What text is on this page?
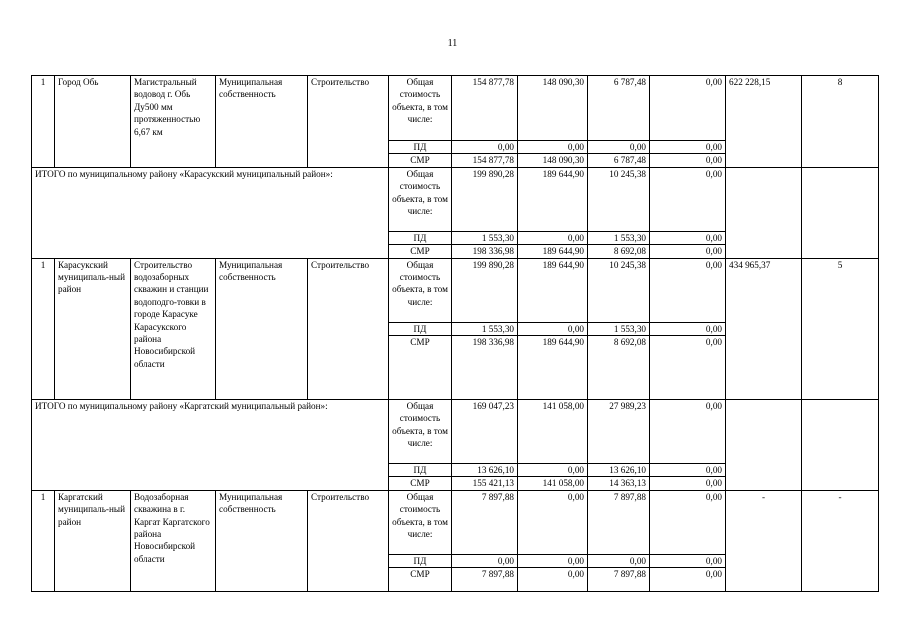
11
1	Город Обь	Магистральный водовод г. Обь Ду500 мм протяженностью 6,67 км	Муниципальная собственность	Строительство	Общая стоимость объекта, в том числе:	154 877,78	148 090,30	6 787,48	0,00	622 228,15	8
					ПД	0,00	0,00	0,00	0,00		
					СМР	154 877,78	148 090,30	6 787,48	0,00		
ИТОГО по муниципальному району «Карасукский муниципальный район»:					Общая стоимость объекта, в том числе:	199 890,28	189 644,90	10 245,38	0,00		
					ПД	1 553,30	0,00	1 553,30	0,00		
					СМР	198 336,98	189 644,90	8 692,08	0,00		
1	Карасукский муниципаль-ный район	Строительство водозаборных скважин и станции водоподго-товки в городе Карасуке Карасукского района Новосибирской области	Муниципальная собственность	Строительство	Общая стоимость объекта, в том числе:	199 890,28	189 644,90	10 245,38	0,00	434 965,37	5
					ПД	1 553,30	0,00	1 553,30	0,00		
					СМР	198 336,98	189 644,90	8 692,08	0,00		
ИТОГО по муниципальному району «Каргатский муниципальный район»:					Общая стоимость объекта, в том числе:	169 047,23	141 058,00	27 989,23	0,00		
					ПД	13 626,10	0,00	13 626,10	0,00		
					СМР	155 421,13	141 058,00	14 363,13	0,00		
1	Каргатский муниципаль-ный район	Водозаборная скважина в г. Каргат Каргатского района Новосибирской области	Муниципальная собственность	Строительство	Общая стоимость объекта, в том числе:	7 897,88	0,00	7 897,88	0,00	-	-
					ПД	0,00	0,00	0,00	0,00		
					СМР	7 897,88	0,00	7 897,88	0,00		
